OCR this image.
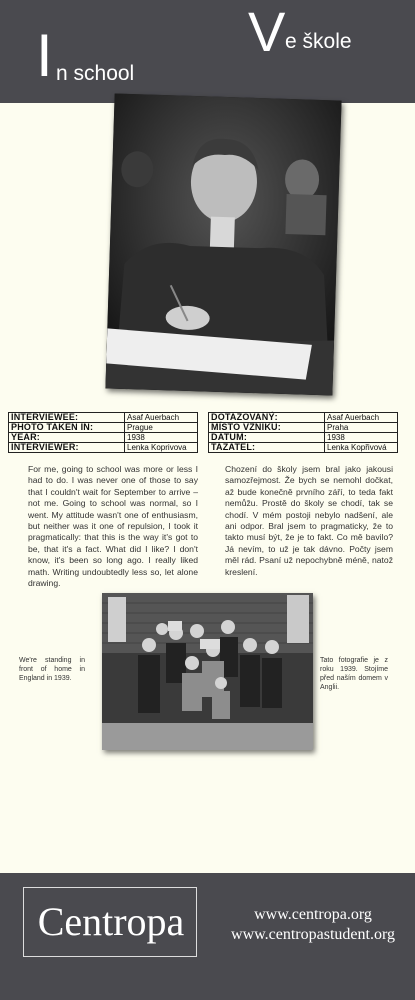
I n school
V e škole
INTERVIEWEE:	Asaf Auerbach
PHOTO TAKEN IN:	Prague
YEAR:	1938
INTERVIEWER:	Lenka Koprivova
DOTAZOVANÝ:	Asaf Auerbach
MÍSTO VZNIKU:	Praha
DATUM:	1938
TAZATEL:	Lenka Kopřivová
For me, going to school was more or less I had to do. I was never one of those to say that I couldn't wait for September to arrive – not me. Going to school was normal, so I went. My attitude wasn't one of enthusiasm, but neither was it one of repulsion, I took it pragmatically: that this is the way it's got to be, that it's a fact. What did I like? I don't know, it's been so long ago. I really liked math. Writing undoubtedly less so, let alone drawing.
Chození do školy jsem bral jako jakousi samozřejmost. Že bych se nemohl dočkat, až bude konečně prvního září, to teda fakt nemůžu. Prostě do školy se chodí, tak se chodí. V mém postoji nebylo nadšení, ale ani odpor. Bral jsem to pragmaticky, že to takto musí být, že je to fakt. Co mě bavilo? Já nevím, to už je tak dávno. Počty jsem měl rád. Psaní už nepochybně méně, natož kreslení.
We're standing in front of home in England in 1939.
Tato fotografie je z roku 1939. Stojíme před naším domem v Anglii.
Centropa	www.centropa.org
www.centropastudent.org
